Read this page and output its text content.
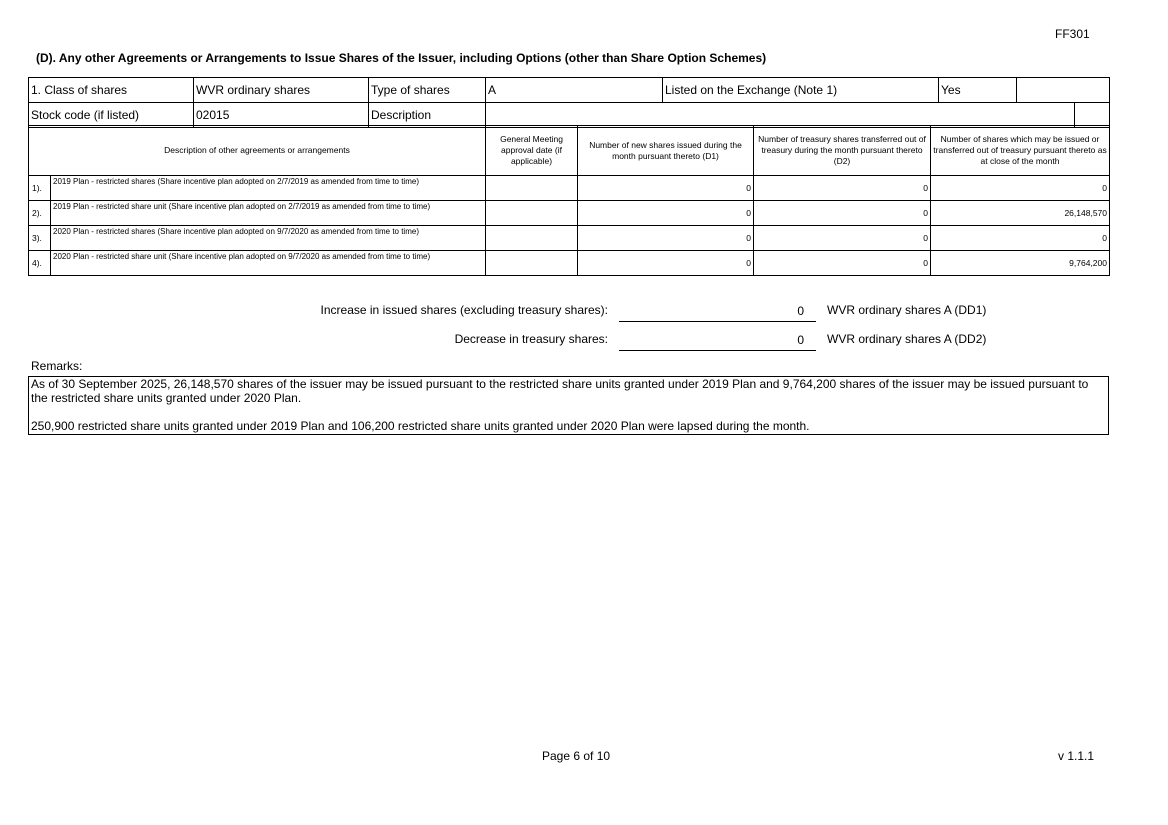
FF301
(D). Any other Agreements or Arrangements to Issue Shares of the Issuer, including Options (other than Share Option Schemes)
1. Class of shares	WVR ordinary shares	Type of shares	A	Listed on the Exchange (Note 1)	Yes		
Stock code (if listed)	02015	Description					
Description of other agreements or arrangements		General Meeting approval date (if applicable)	Number of new shares issued during the month pursuant thereto (D1)	Number of treasury shares transferred out of treasury during the month pursuant thereto (D2)	Number of shares which may be issued or transferred out of treasury pursuant thereto as at close of the month
1).	2019 Plan - restricted shares (Share incentive plan adopted on 2/7/2019 as amended from time to time)		0	0	0
2).	2019 Plan - restricted share unit (Share incentive plan adopted on 2/7/2019 as amended from time to time)		0	0	26,148,570
3).	2020 Plan - restricted shares (Share incentive plan adopted on 9/7/2020 as amended from time to time)		0	0	0
4).	2020 Plan - restricted share unit (Share incentive plan adopted on 9/7/2020 as amended from time to time)		0	0	9,764,200
Increase in issued shares (excluding treasury shares):	0 WVR ordinary shares A (DD1)
Decrease in treasury shares:	0 WVR ordinary shares A (DD2)
Remarks:

As of 30 September 2025, 26,148,570 shares of the issuer may be issued pursuant to the restricted share units granted under 2019 Plan and 9,764,200 shares of the issuer may be issued pursuant to the restricted share units granted under 2020 Plan.

250,900 restricted share units granted under 2019 Plan and 106,200 restricted share units granted under 2020 Plan were lapsed during the month.

Page 6 of 10	v 1.1.1
